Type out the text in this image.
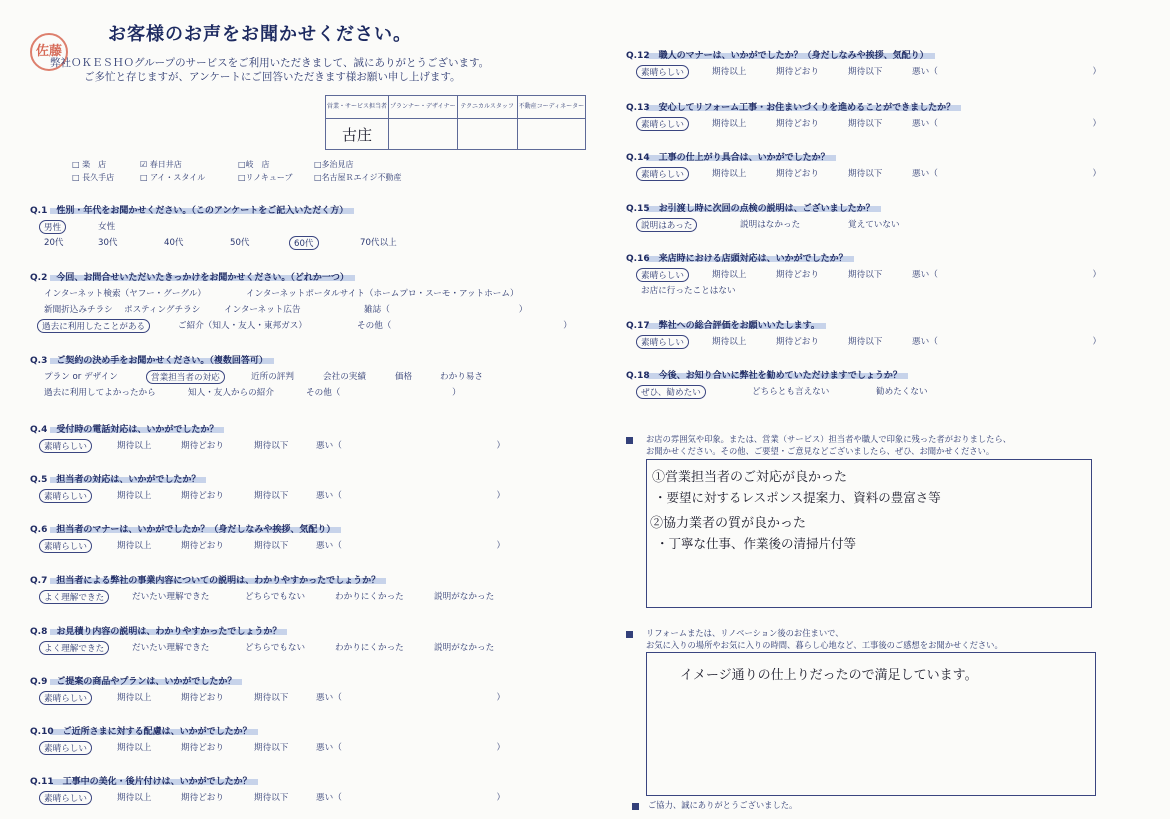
佐藤
お客様のお声をお聞かせください。
弊社ＯＫＥＳＨＯグループのサービスをご利用いただきまして、誠にありがとうございます。
ご多忙と存じますが、アンケートにご回答いただきます様お願い申し上げます。
営業・サービス担当者	プランナー・デザイナー	テクニカルスタッフ	不動産コーディネーター
古庄			
□ 楽　店	☑ 春日井店	□岐　店	□多治見店
□ 長久手店	□ アイ・スタイル	□リノキューブ	□名古屋Ｒエイジ不動産
Q.1　性別・年代をお聞かせください。（このアンケートをご記入いただく方）
男性	女性
20代	30代	40代	50代	60代	70代以上
Q.2　今回、お問合せいただいたきっかけをお聞かせください。（どれか一つ）
インターネット検索（ヤフー・グーグル）	インターネットポータルサイト（ホームプロ・スーモ・アットホーム）
新聞折込みチラシ ポスティングチラシ	インターネット広告	雑誌（　　　　　　　　　　　　　　　）
過去に利用したことがある	ご紹介（知人・友人・東邦ガス）	その他（　　　　　　　　　　　　　　　　　　　　）
Q.3　ご契約の決め手をお聞かせください。（複数回答可）
プラン or デザイン	営業担当者の対応	近所の評判	会社の実績	価格	わかり易さ
過去に利用してよかったから	知人・友人からの紹介	その他（　　　　　　　　　　　　　）
Q.4　受付時の電話対応は、いかがでしたか？
素晴らしい	期待以上	期待どおり	期待以下	悪い（　　　　　　　　　　　　　　　　　　）
Q.5　担当者の対応は、いかがでしたか？
素晴らしい	期待以上	期待どおり	期待以下	悪い（　　　　　　　　　　　　　　　　　　）
Q.6　担当者のマナーは、いかがでしたか？（身だしなみや挨拶、気配り）
素晴らしい	期待以上	期待どおり	期待以下	悪い（　　　　　　　　　　　　　　　　　　）
Q.7　担当者による弊社の事業内容についての説明は、わかりやすかったでしょうか？
よく理解できた	だいたい理解できた	どちらでもない	わかりにくかった	説明がなかった
Q.8　お見積り内容の説明は、わかりやすかったでしょうか？
よく理解できた	だいたい理解できた	どちらでもない	わかりにくかった	説明がなかった
Q.9　ご提案の商品やプランは、いかがでしたか？
素晴らしい	期待以上	期待どおり	期待以下	悪い（　　　　　　　　　　　　　　　　　　）
Q.10　ご近所さまに対する配慮は、いかがでしたか？
素晴らしい	期待以上	期待どおり	期待以下	悪い（　　　　　　　　　　　　　　　　　　）
Q.11　工事中の美化・後片付けは、いかがでしたか？
素晴らしい	期待以上	期待どおり	期待以下	悪い（　　　　　　　　　　　　　　　　　　）
Q.12　職人のマナーは、いかがでしたか？（身だしなみや挨拶、気配り）
素晴らしい	期待以上	期待どおり	期待以下	悪い（　　　　　　　　　　　　　　　　　　）
Q.13　安心してリフォーム工事・お住まいづくりを進めることができましたか？
素晴らしい	期待以上	期待どおり	期待以下	悪い（　　　　　　　　　　　　　　　　　　）
Q.14　工事の仕上がり具合は、いかがでしたか？
素晴らしい	期待以上	期待どおり	期待以下	悪い（　　　　　　　　　　　　　　　　　　）
Q.15　お引渡し時に次回の点検の説明は、ございましたか？
説明はあった	説明はなかった	覚えていない
Q.16　来店時における店頭対応は、いかがでしたか？
素晴らしい	期待以上	期待どおり	期待以下	悪い（　　　　　　　　　　　　　　　　　　）
お店に行ったことはない
Q.17　弊社への総合評価をお願いいたします。
素晴らしい	期待以上	期待どおり	期待以下	悪い（　　　　　　　　　　　　　　　　　　）
Q.18　今後、お知り合いに弊社を勧めていただけますでしょうか？
ぜひ、勧めたい	どちらとも言えない	勧めたくない
お店の雰囲気や印象。または、営業（サービス）担当者や職人で印象に残った者がおりましたら、
お聞かせください。その他、ご要望・ご意見などございましたら、ぜひ、お聞かせください。
①営業担当者のご対応が良かった
・要望に対するレスポンス提案力、資料の豊富さ等
②協力業者の質が良かった
・丁寧な仕事、作業後の清掃片付等
リフォームまたは、リノベーション後のお住まいで、
お気に入りの場所やお気に入りの時間、暮らし心地など、工事後のご感想をお聞かせください。
イメージ通りの仕上りだったので満足しています。
ご協力、誠にありがとうございました。
